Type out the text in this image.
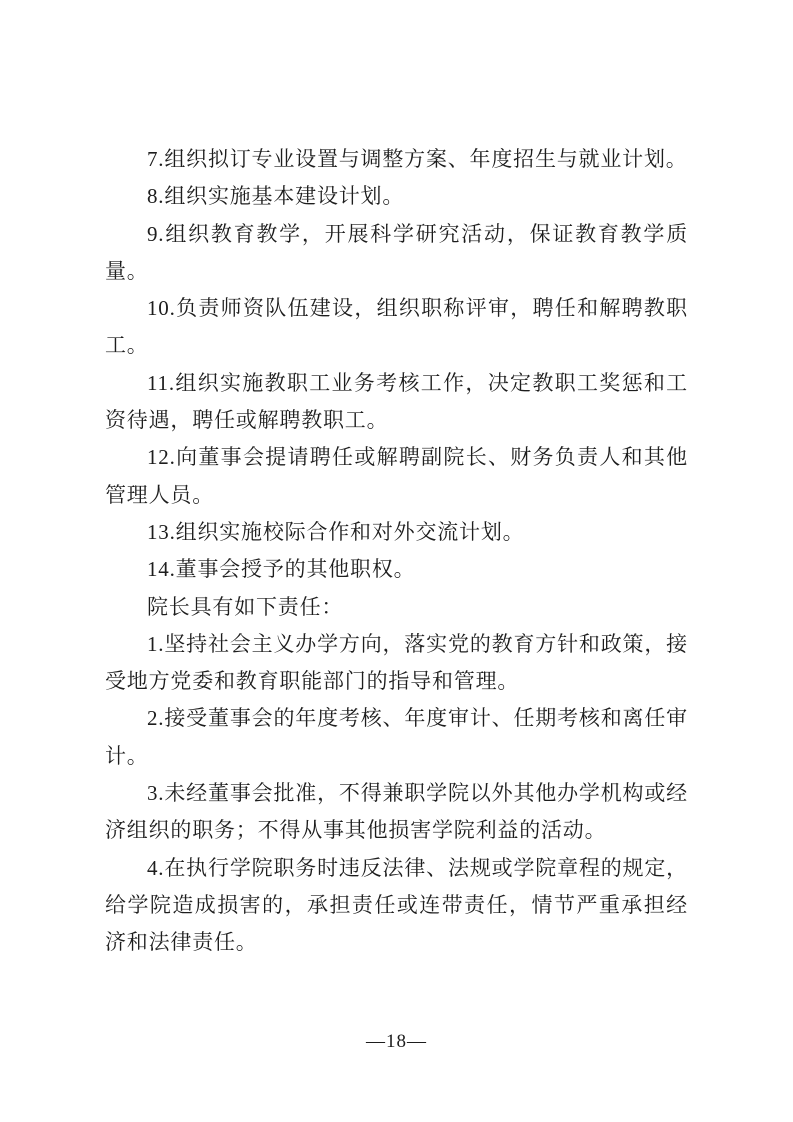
7.组织拟订专业设置与调整方案、年度招生与就业计划。

8.组织实施基本建设计划。

9.组织教育教学，开展科学研究活动，保证教育教学质量。

10.负责师资队伍建设，组织职称评审，聘任和解聘教职工。

11.组织实施教职工业务考核工作，决定教职工奖惩和工资待遇，聘任或解聘教职工。

12.向董事会提请聘任或解聘副院长、财务负责人和其他管理人员。

13.组织实施校际合作和对外交流计划。

14.董事会授予的其他职权。

院长具有如下责任：

1.坚持社会主义办学方向，落实党的教育方针和政策，接受地方党委和教育职能部门的指导和管理。

2.接受董事会的年度考核、年度审计、任期考核和离任审计。

3.未经董事会批准，不得兼职学院以外其他办学机构或经济组织的职务；不得从事其他损害学院利益的活动。

4.在执行学院职务时违反法律、法规或学院章程的规定，给学院造成损害的，承担责任或连带责任，情节严重承担经济和法律责任。

—18—
